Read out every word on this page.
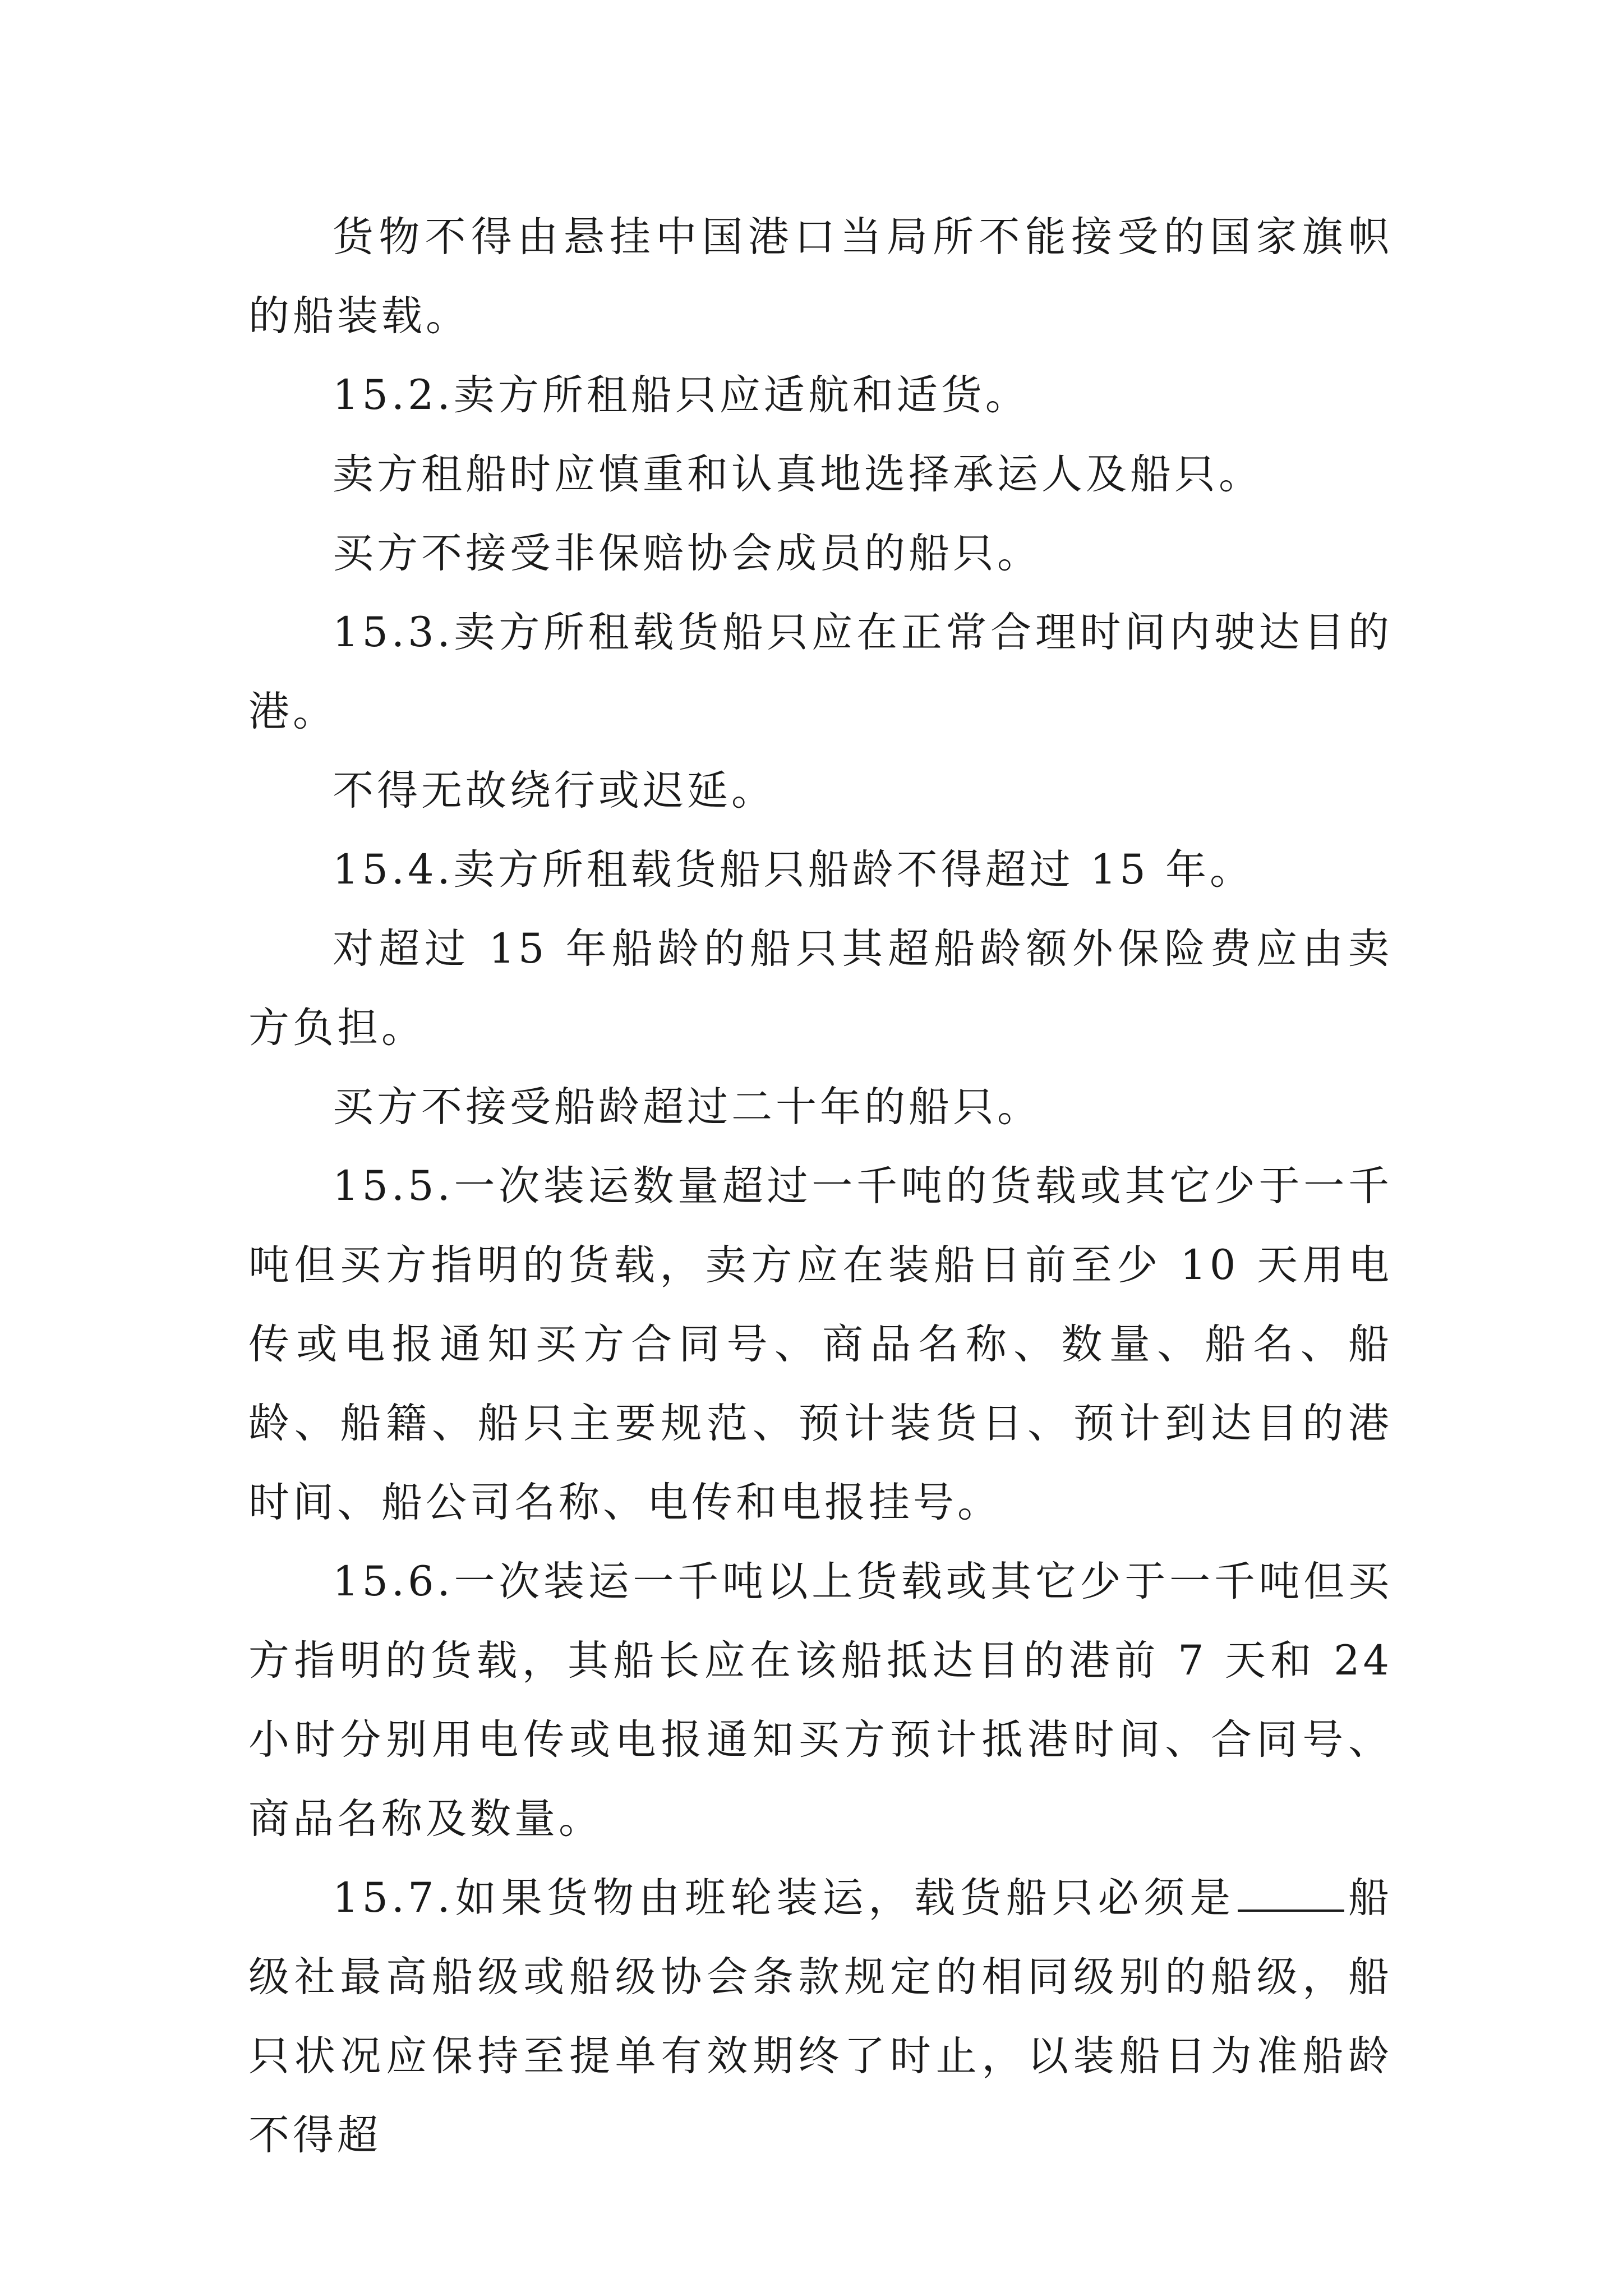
货物不得由悬挂中国港口当局所不能接受的国家旗帜的船装载。

15.2.卖方所租船只应适航和适货。

卖方租船时应慎重和认真地选择承运人及船只。

买方不接受非保赔协会成员的船只。

15.3.卖方所租载货船只应在正常合理时间内驶达目的港。

不得无故绕行或迟延。

15.4.卖方所租载货船只船龄不得超过 15 年。

对超过 15 年船龄的船只其超船龄额外保险费应由卖方负担。

买方不接受船龄超过二十年的船只。

15.5.一次装运数量超过一千吨的货载或其它少于一千吨但买方指明的货载，卖方应在装船日前至少 10 天用电传或电报通知买方合同号、商品名称、数量、船名、船龄、船籍、船只主要规范、预计装货日、预计到达目的港时间、船公司名称、电传和电报挂号。

15.6.一次装运一千吨以上货载或其它少于一千吨但买方指明的货载，其船长应在该船抵达目的港前 7 天和 24 小时分别用电传或电报通知买方预计抵港时间、合同号、商品名称及数量。

15.7.如果货物由班轮装运，载货船只必须是	船级社最高船级或船级协会条款规定的相同级别的船级，船只状况应保持至提单有效期终了时止，以装船日为准船龄不得超
